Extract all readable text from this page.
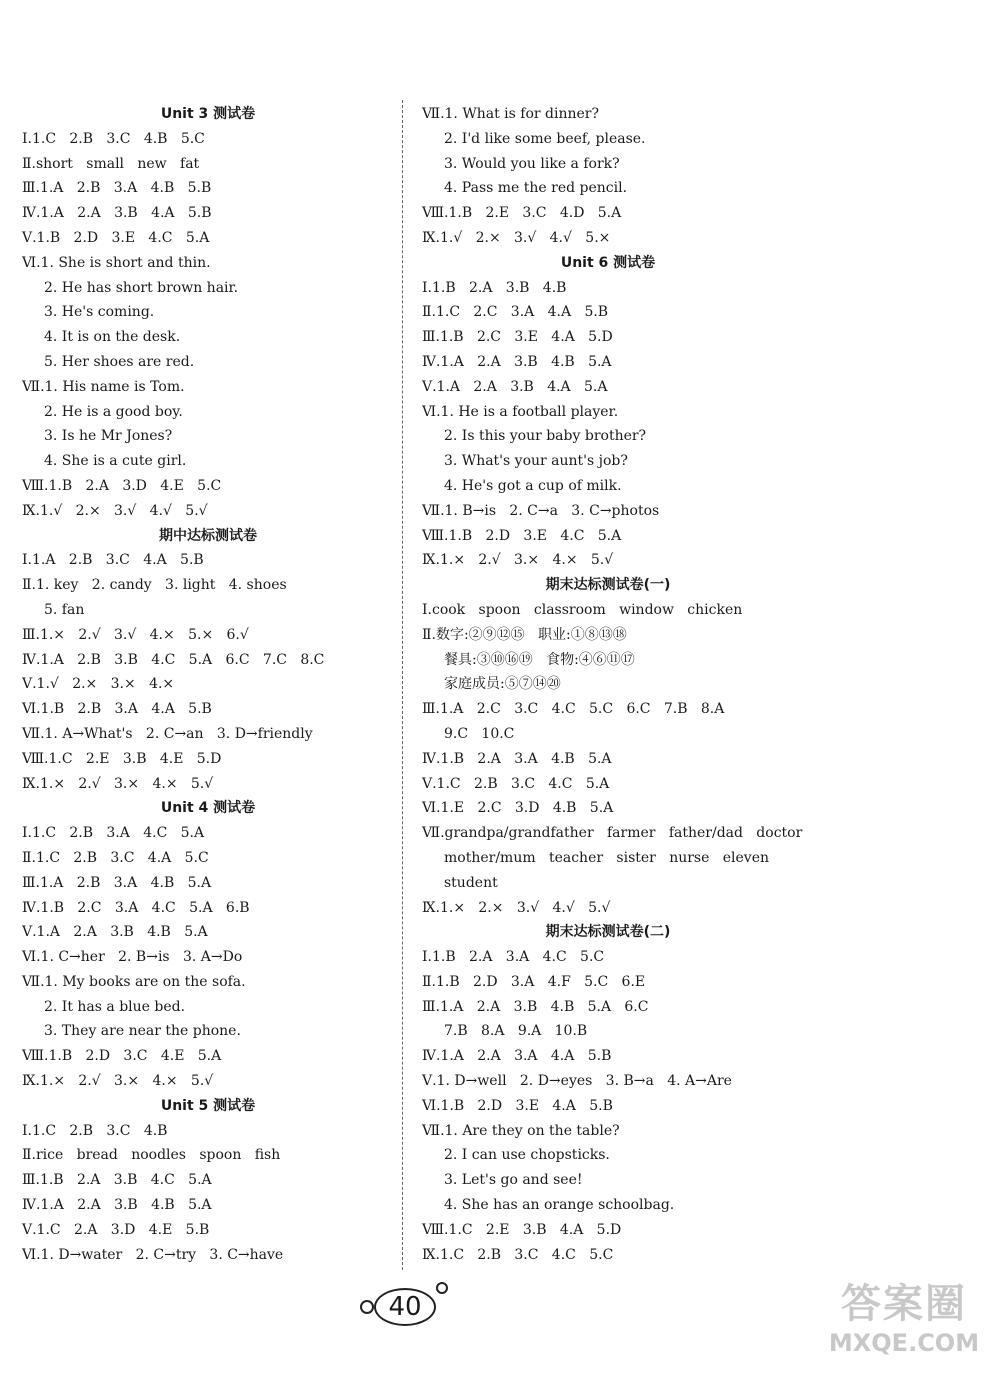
Unit 3 测试卷
Ⅰ.1.C   2.B   3.C   4.B   5.C
Ⅱ.short   small   new   fat
Ⅲ.1.A   2.B   3.A   4.B   5.B
Ⅳ.1.A   2.A   3.B   4.A   5.B
Ⅴ.1.B   2.D   3.E   4.C   5.A
Ⅵ.1. She is short and thin.
2. He has short brown hair.
3. He's coming.
4. It is on the desk.
5. Her shoes are red.
Ⅶ.1. His name is Tom.
2. He is a good boy.
3. Is he Mr Jones?
4. She is a cute girl.
Ⅷ.1.B   2.A   3.D   4.E   5.C
Ⅸ.1.√   2.×   3.√   4.√   5.√
期中达标测试卷
Ⅰ.1.A   2.B   3.C   4.A   5.B
Ⅱ.1. key   2. candy   3. light   4. shoes
5. fan
Ⅲ.1.×   2.√   3.√   4.×   5.×   6.√
Ⅳ.1.A   2.B   3.B   4.C   5.A   6.C   7.C   8.C
Ⅴ.1.√   2.×   3.×   4.×
Ⅵ.1.B   2.B   3.A   4.A   5.B
Ⅶ.1. A→What's   2. C→an   3. D→friendly
Ⅷ.1.C   2.E   3.B   4.E   5.D
Ⅸ.1.×   2.√   3.×   4.×   5.√
Unit 4 测试卷
Ⅰ.1.C   2.B   3.A   4.C   5.A
Ⅱ.1.C   2.B   3.C   4.A   5.C
Ⅲ.1.A   2.B   3.A   4.B   5.A
Ⅳ.1.B   2.C   3.A   4.C   5.A   6.B
Ⅴ.1.A   2.A   3.B   4.B   5.A
Ⅵ.1. C→her   2. B→is   3. A→Do
Ⅶ.1. My books are on the sofa.
2. It has a blue bed.
3. They are near the phone.
Ⅷ.1.B   2.D   3.C   4.E   5.A
Ⅸ.1.×   2.√   3.×   4.×   5.√
Unit 5 测试卷
Ⅰ.1.C   2.B   3.C   4.B
Ⅱ.rice   bread   noodles   spoon   fish
Ⅲ.1.B   2.A   3.B   4.C   5.A
Ⅳ.1.A   2.A   3.B   4.B   5.A
Ⅴ.1.C   2.A   3.D   4.E   5.B
Ⅵ.1. D→water   2. C→try   3. C→have
Ⅶ.1. What is for dinner?
2. I'd like some beef, please.
3. Would you like a fork?
4. Pass me the red pencil.
Ⅷ.1.B   2.E   3.C   4.D   5.A
Ⅸ.1.√   2.×   3.√   4.√   5.×
Unit 6 测试卷
Ⅰ.1.B   2.A   3.B   4.B
Ⅱ.1.C   2.C   3.A   4.A   5.B
Ⅲ.1.B   2.C   3.E   4.A   5.D
Ⅳ.1.A   2.A   3.B   4.B   5.A
Ⅴ.1.A   2.A   3.B   4.A   5.A
Ⅵ.1. He is a football player.
2. Is this your baby brother?
3. What's your aunt's job?
4. He's got a cup of milk.
Ⅶ.1. B→is   2. C→a   3. C→photos
Ⅷ.1.B   2.D   3.E   4.C   5.A
Ⅸ.1.×   2.√   3.×   4.×   5.√
期末达标测试卷(一)
Ⅰ.cook   spoon   classroom   window   chicken
Ⅱ.数字:②⑨⑫⑮   职业:①⑧⑬⑱
餐具:③⑩⑯⑲   食物:④⑥⑪⑰
家庭成员:⑤⑦⑭⑳
Ⅲ.1.A   2.C   3.C   4.C   5.C   6.C   7.B   8.A
9.C   10.C
Ⅳ.1.B   2.A   3.A   4.B   5.A
Ⅴ.1.C   2.B   3.C   4.C   5.A
Ⅵ.1.E   2.C   3.D   4.B   5.A
Ⅶ.grandpa/grandfather   farmer   father/dad   doctor
mother/mum   teacher   sister   nurse   eleven
student
Ⅸ.1.×   2.×   3.√   4.√   5.√
期末达标测试卷(二)
Ⅰ.1.B   2.A   3.A   4.C   5.C
Ⅱ.1.B   2.D   3.A   4.F   5.C   6.E
Ⅲ.1.A   2.A   3.B   4.B   5.A   6.C
7.B   8.A   9.A   10.B
Ⅳ.1.A   2.A   3.A   4.A   5.B
Ⅴ.1. D→well   2. D→eyes   3. B→a   4. A→Are
Ⅵ.1.B   2.D   3.E   4.A   5.B
Ⅶ.1. Are they on the table?
2. I can use chopsticks.
3. Let's go and see!
4. She has an orange schoolbag.
Ⅷ.1.C   2.E   3.B   4.A   5.D
Ⅸ.1.C   2.B   3.C   4.C   5.C
40	答案圈
MXQE.COM
